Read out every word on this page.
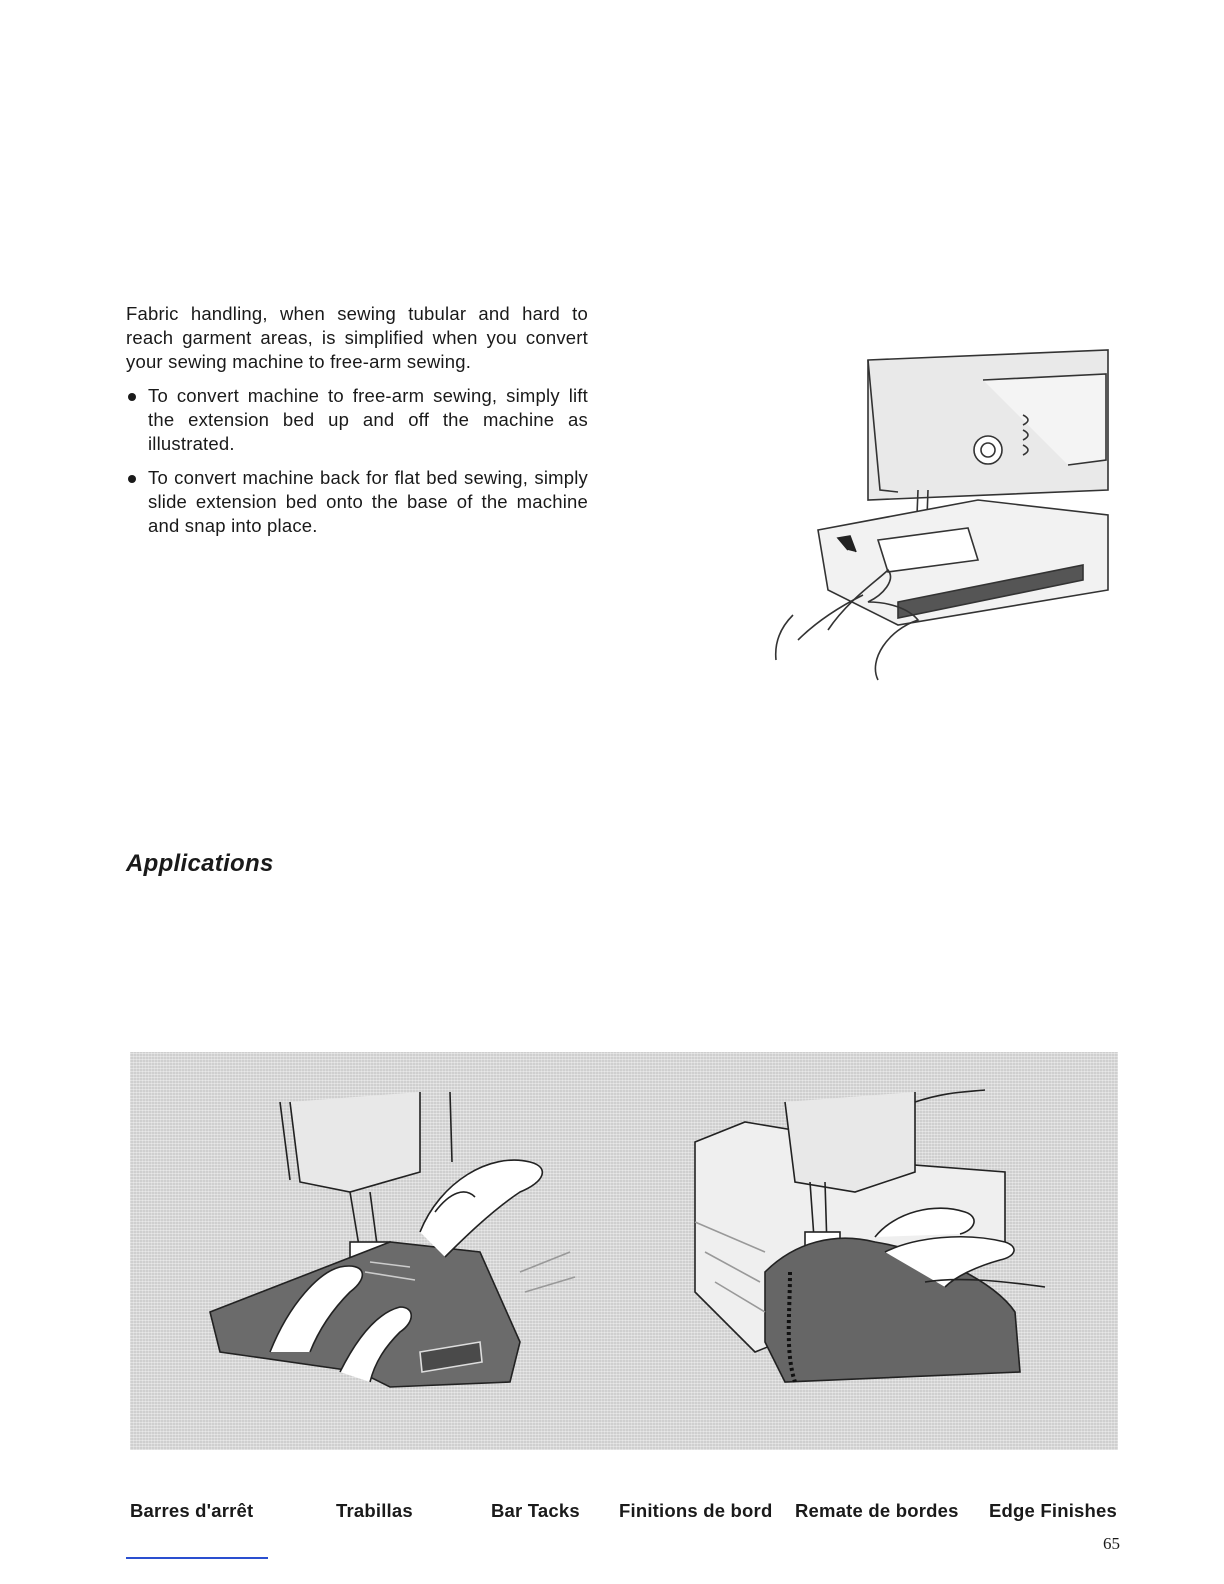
Fabric handling, when sewing tubular and hard to reach garment areas, is simplified when you convert your sewing machine to free-arm sewing.

To convert machine to free-arm sewing, simply lift the extension bed up and off the machine as illustrated.
To convert machine back for flat bed sewing, simply slide extension bed onto the base of the machine and snap into place.
Applications
Barres d'arrêt	Trabillas	Bar Tacks Finitions de bord Remate de bordes Edge Finishes
65
